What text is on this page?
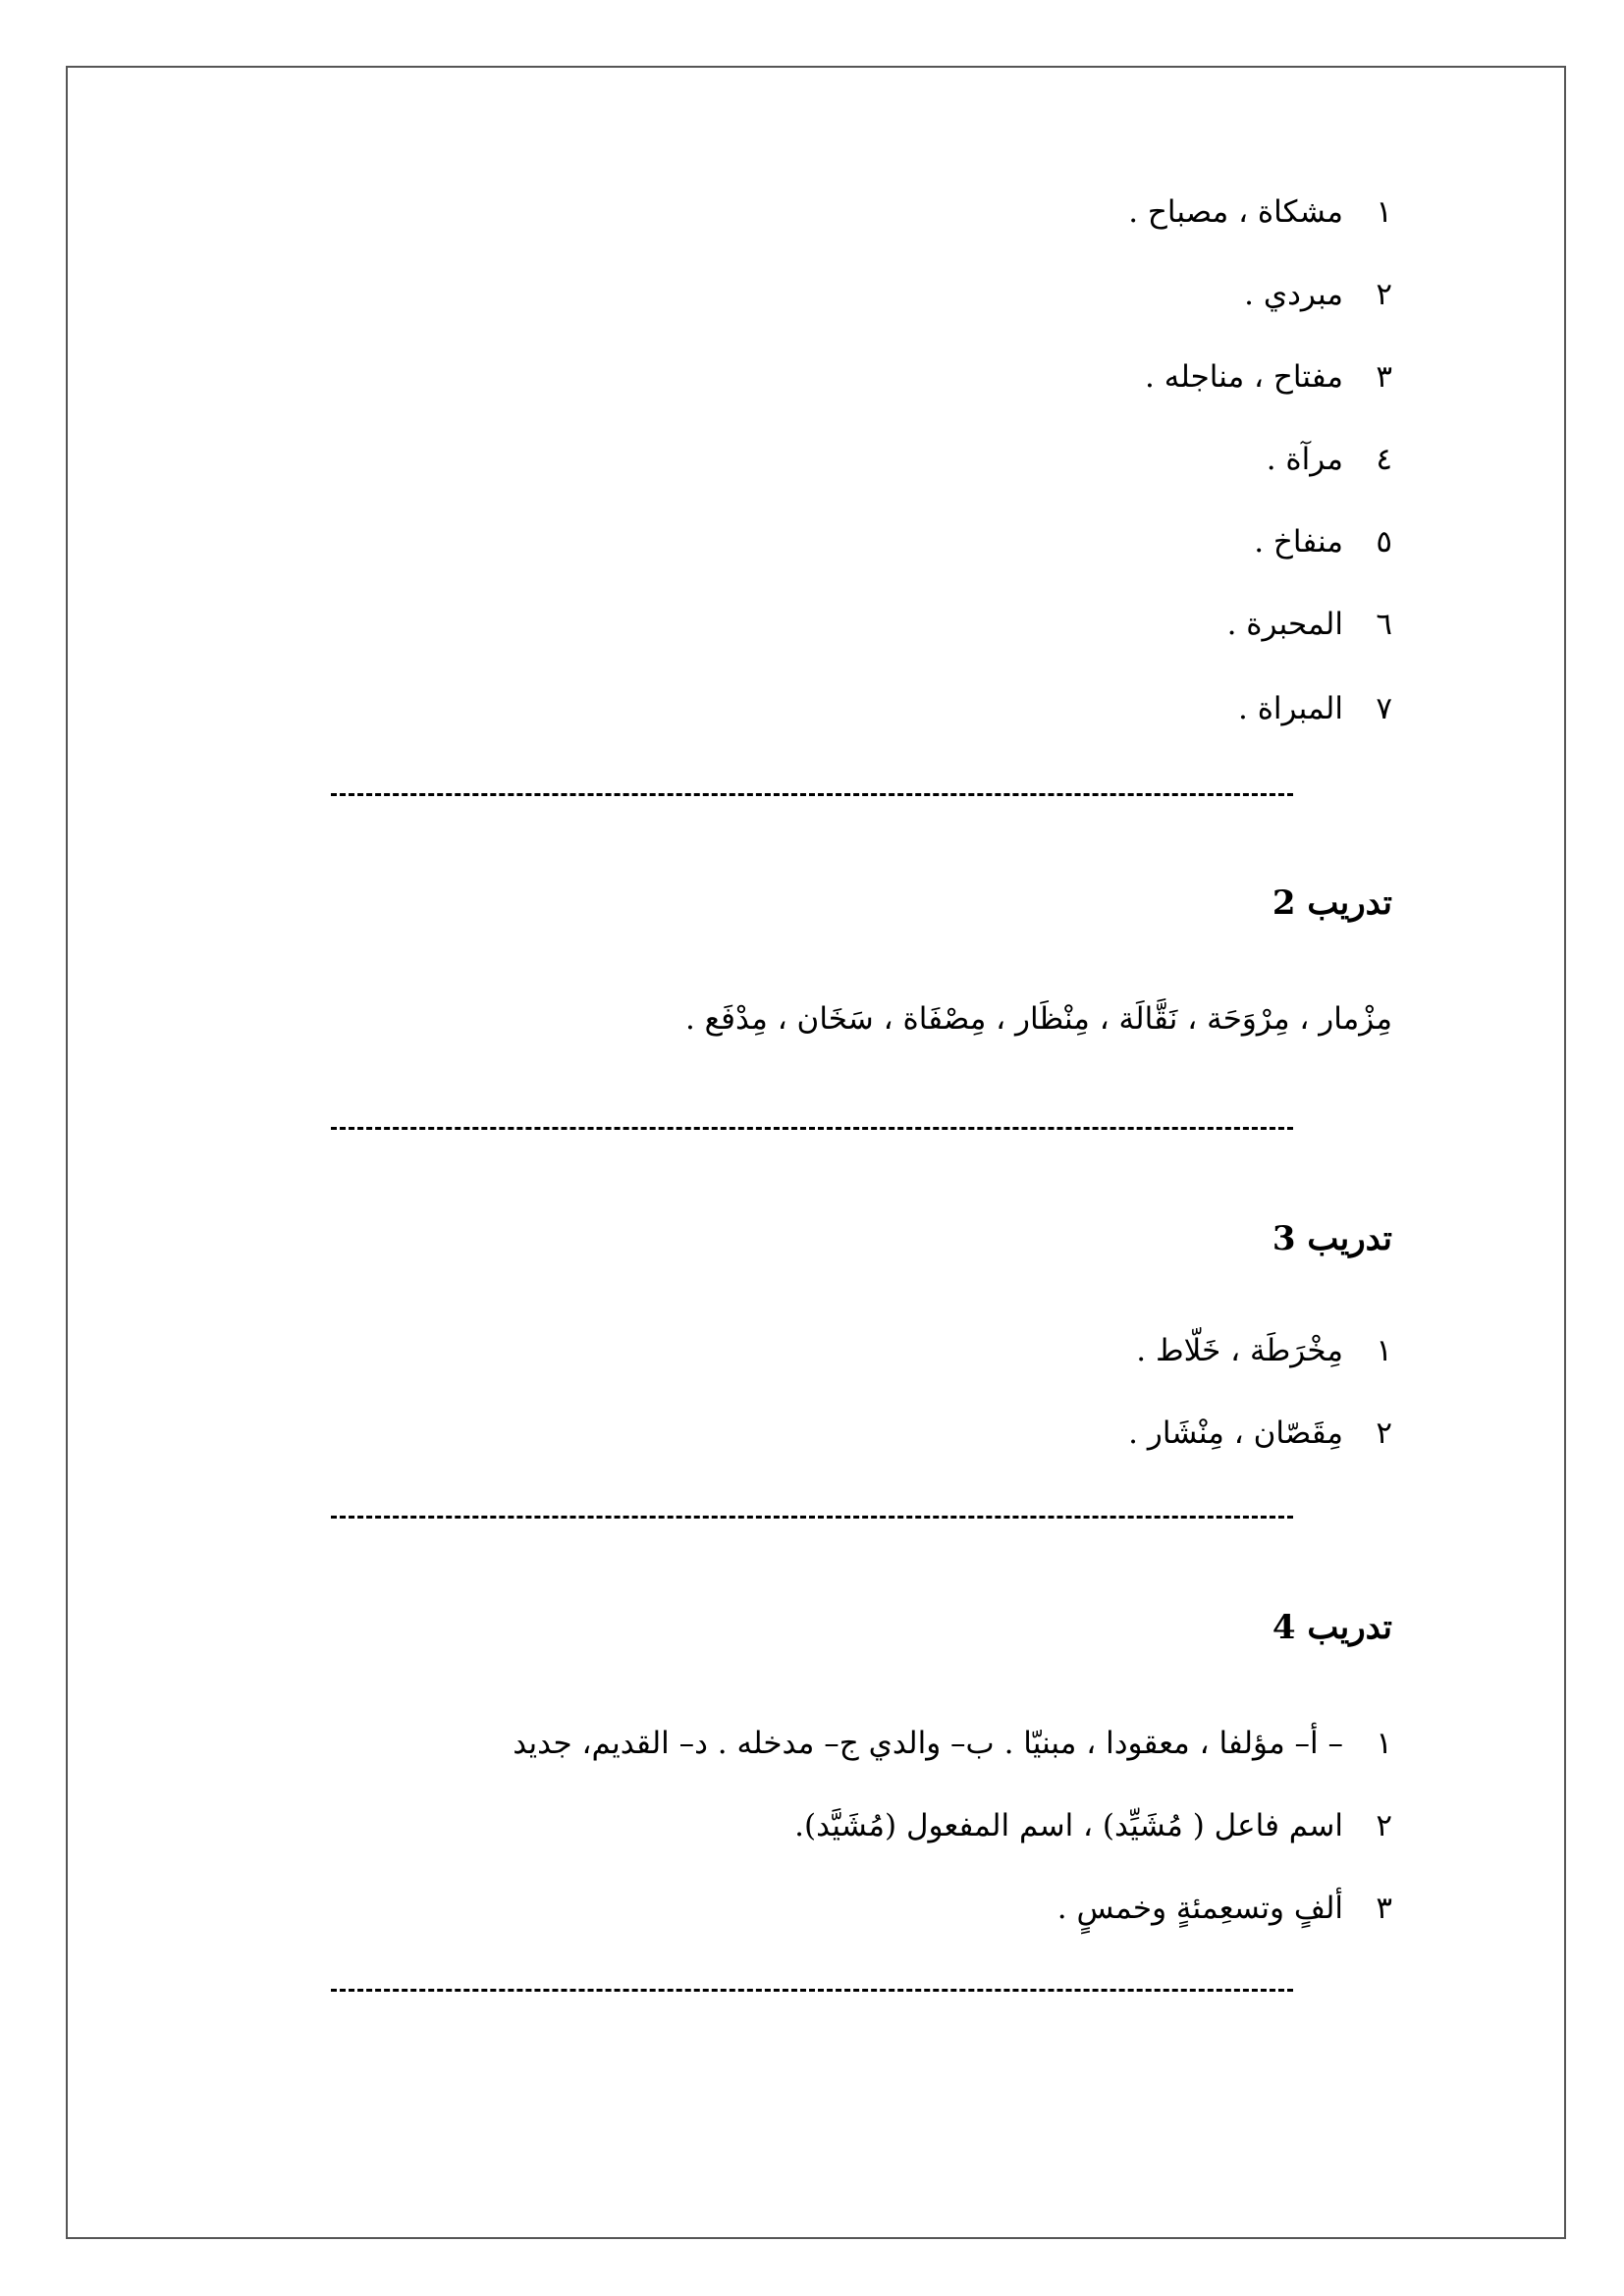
١مشكاة ، مصباح .
٢مبردي .
٣مفتاح ، مناجله .
٤مرآة .
٥منفاخ .
٦المحبرة .
٧المبراة .
تدريب 2
مِزْمار ، مِرْوَحَة ، نَقَّالَة ، مِنْظَار ، مِصْفَاة ، سَخَان ، مِدْفَع .
تدريب 3
١مِخْرَطَة ، خَلّاط .
٢مِقَصّان ، مِنْشَار .
تدريب 4
١– أ– مؤلفا ، معقودا ، مبنيّا . ب– والدي ج– مدخله . د– القديم، جديد
٢اسم فاعل ( مُشَيِّد) ، اسم المفعول (مُشَيَّد).
٣ألفٍ وتسعِمئةٍ وخمسٍ .
